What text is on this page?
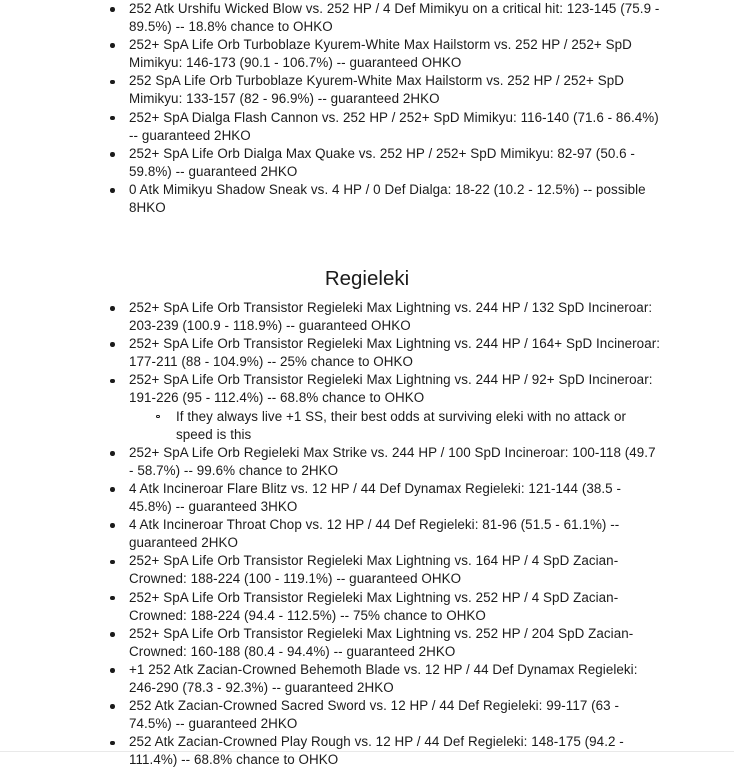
252 Atk Urshifu Wicked Blow vs. 252 HP / 4 Def Mimikyu on a critical hit: 123-145 (75.9 - 89.5%) -- 18.8% chance to OHKO
252+ SpA Life Orb Turboblaze Kyurem-White Max Hailstorm vs. 252 HP / 252+ SpD Mimikyu: 146-173 (90.1 - 106.7%) -- guaranteed OHKO
252 SpA Life Orb Turboblaze Kyurem-White Max Hailstorm vs. 252 HP / 252+ SpD Mimikyu: 133-157 (82 - 96.9%) -- guaranteed 2HKO
252+ SpA Dialga Flash Cannon vs. 252 HP / 252+ SpD Mimikyu: 116-140 (71.6 - 86.4%) -- guaranteed 2HKO
252+ SpA Life Orb Dialga Max Quake vs. 252 HP / 252+ SpD Mimikyu: 82-97 (50.6 - 59.8%) -- guaranteed 2HKO
0 Atk Mimikyu Shadow Sneak vs. 4 HP / 0 Def Dialga: 18-22 (10.2 - 12.5%) -- possible 8HKO
Regieleki
252+ SpA Life Orb Transistor Regieleki Max Lightning vs. 244 HP / 132 SpD Incineroar: 203-239 (100.9 - 118.9%) -- guaranteed OHKO
252+ SpA Life Orb Transistor Regieleki Max Lightning vs. 244 HP / 164+ SpD Incineroar: 177-211 (88 - 104.9%) -- 25% chance to OHKO
252+ SpA Life Orb Transistor Regieleki Max Lightning vs. 244 HP / 92+ SpD Incineroar: 191-226 (95 - 112.4%) -- 68.8% chance to OHKO
If they always live +1 SS, their best odds at surviving eleki with no attack or speed is this
252+ SpA Life Orb Regieleki Max Strike vs. 244 HP / 100 SpD Incineroar: 100-118 (49.7 - 58.7%) -- 99.6% chance to 2HKO
4 Atk Incineroar Flare Blitz vs. 12 HP / 44 Def Dynamax Regieleki: 121-144 (38.5 - 45.8%) -- guaranteed 3HKO
4 Atk Incineroar Throat Chop vs. 12 HP / 44 Def Regieleki: 81-96 (51.5 - 61.1%) -- guaranteed 2HKO
252+ SpA Life Orb Transistor Regieleki Max Lightning vs. 164 HP / 4 SpD Zacian-Crowned: 188-224 (100 - 119.1%) -- guaranteed OHKO
252+ SpA Life Orb Transistor Regieleki Max Lightning vs. 252 HP / 4 SpD Zacian-Crowned: 188-224 (94.4 - 112.5%) -- 75% chance to OHKO
252+ SpA Life Orb Transistor Regieleki Max Lightning vs. 252 HP / 204 SpD Zacian-Crowned: 160-188 (80.4 - 94.4%) -- guaranteed 2HKO
+1 252 Atk Zacian-Crowned Behemoth Blade vs. 12 HP / 44 Def Dynamax Regieleki: 246-290 (78.3 - 92.3%) -- guaranteed 2HKO
252 Atk Zacian-Crowned Sacred Sword vs. 12 HP / 44 Def Regieleki: 99-117 (63 - 74.5%) -- guaranteed 2HKO
252 Atk Zacian-Crowned Play Rough vs. 12 HP / 44 Def Regieleki: 148-175 (94.2 - 111.4%) -- 68.8% chance to OHKO
